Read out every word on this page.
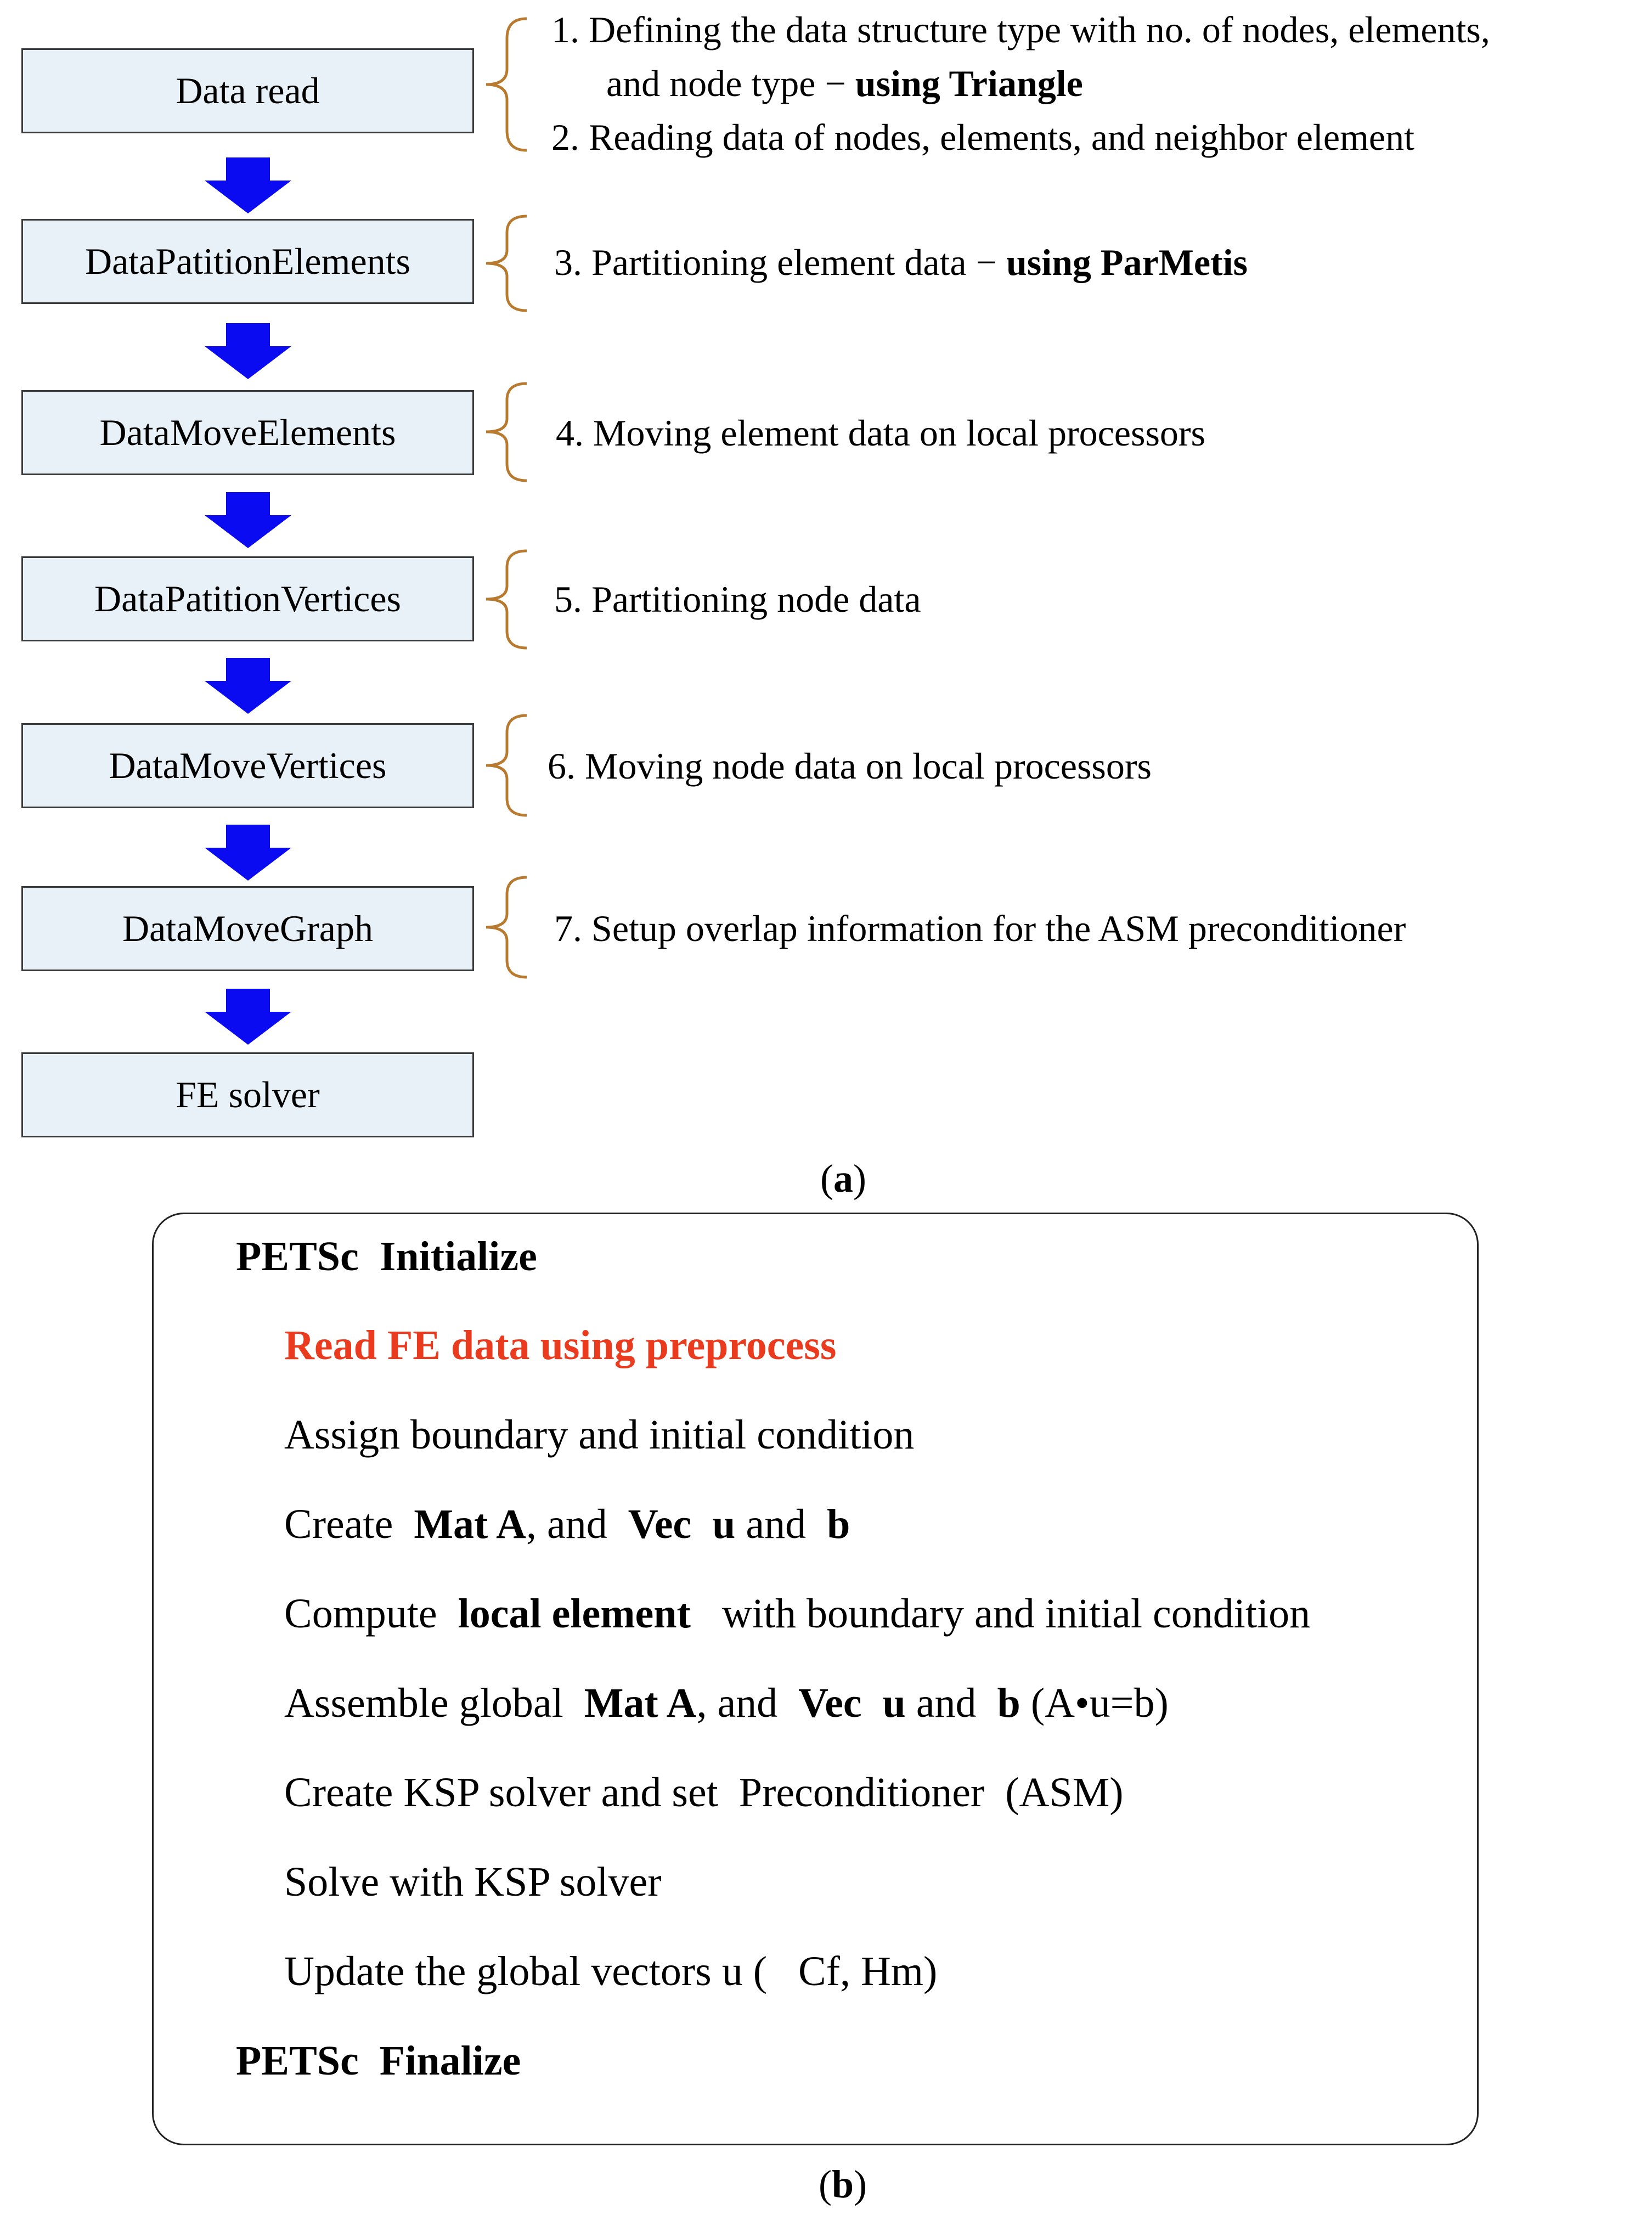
Data read
DataPatitionElements
DataMoveElements
DataPatitionVertices
DataMoveVertices
DataMoveGraph
FE solver
1. Defining the data structure type with no. of nodes, elements,
and node type − using Triangle
2. Reading data of nodes, elements, and neighbor element
3. Partitioning element data − using ParMetis
4. Moving element data on local processors
5. Partitioning node data
6. Moving node data on local processors
7. Setup overlap information for the ASM preconditioner
(a)
PETSc  Initialize
Read FE data using preprocess
Assign boundary and initial condition
Create  Mat A, and  Vec  u and  b
Compute  local element   with boundary and initial condition
Assemble global  Mat A, and  Vec  u and  b (A•u=b)
Create KSP solver and set  Preconditioner  (ASM)
Solve with KSP solver
Update the global vectors u (   Cf, Hm)
PETSc  Finalize
(b)
